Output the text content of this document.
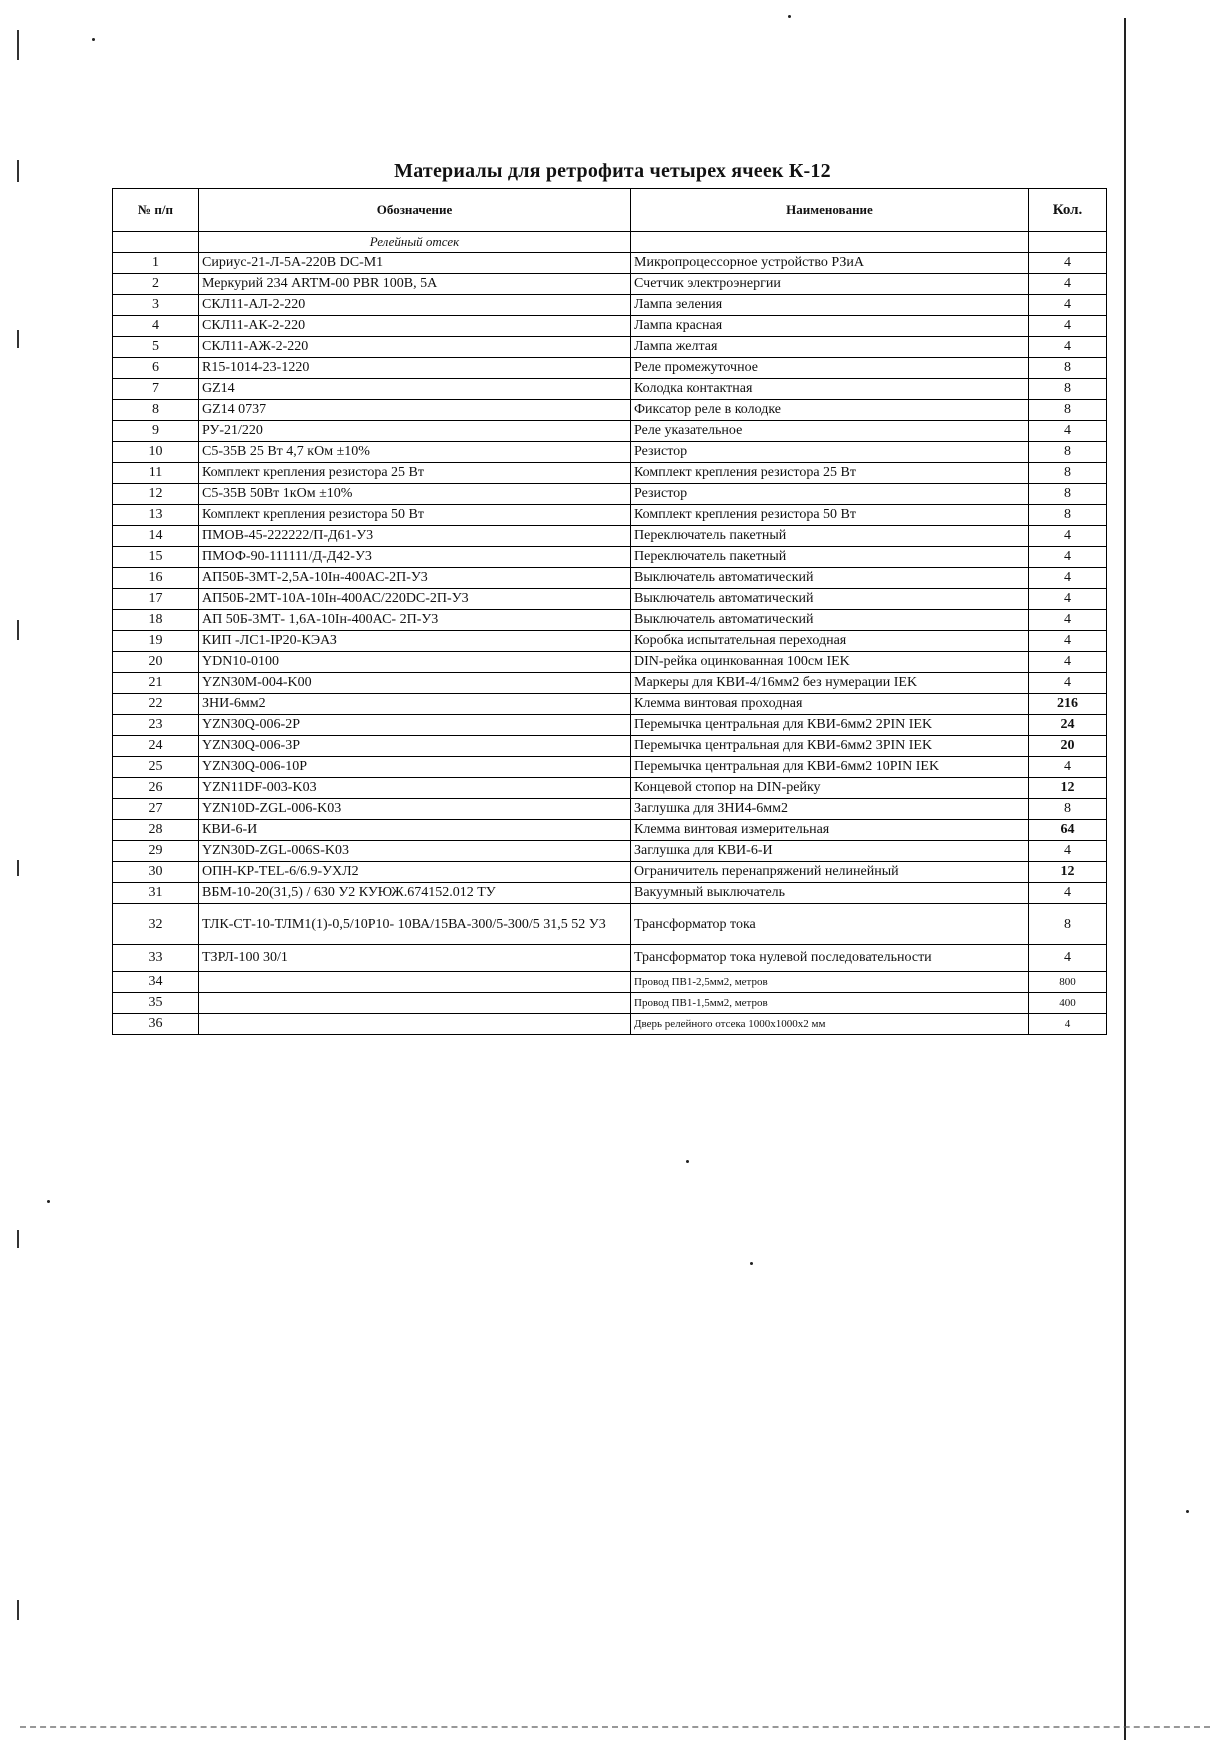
Материалы для ретрофита четырех ячеек К-12
№ п/п	Обозначение	Наименование	Кол.
	Релейный отсек		
1	Сириус-21-Л-5А-220В DC-M1	Микропроцессорное устройство РЗиА	4
2	Меркурий 234 ARTM-00 PBR 100В, 5А	Счетчик электроэнергии	4
3	СКЛ11-АЛ-2-220	Лампа зеления	4
4	СКЛ11-АК-2-220	Лампа красная	4
5	СКЛ11-АЖ-2-220	Лампа желтая	4
6	R15-1014-23-1220	Реле промежуточное	8
7	GZ14	Колодка контактная	8
8	GZ14 0737	Фиксатор реле в колодке	8
9	РУ-21/220	Реле указательное	4
10	С5-35В 25 Вт 4,7 кОм ±10%	Резистор	8
11	Комплект крепления резистора 25 Вт	Комплект крепления резистора 25 Вт	8
12	С5-35В 50Вт 1кОм ±10%	Резистор	8
13	Комплект крепления резистора 50 Вт	Комплект крепления резистора 50 Вт	8
14	ПМОВ-45-222222/П-Д61-У3	Переключатель пакетный	4
15	ПМОФ-90-111111/Д-Д42-У3	Переключатель пакетный	4
16	АП50Б-3МТ-2,5А-10Iн-400АС-2П-У3	Выключатель автоматический	4
17	АП50Б-2МТ-10А-10Iн-400АС/220DC-2П-У3	Выключатель автоматический	4
18	АП 50Б-3МТ- 1,6А-10Iн-400АС- 2П-У3	Выключатель автоматический	4
19	КИП -ЛС1-IP20-КЭАЗ	Коробка испытательная переходная	4
20	YDN10-0100	DIN-рейка оцинкованная 100см IEK	4
21	YZN30M-004-K00	Маркеры для КВИ-4/16мм2 без нумерации IEK	4
22	ЗНИ-6мм2	Клемма винтовая проходная	216
23	YZN30Q-006-2P	Перемычка центральная для КВИ-6мм2 2PIN IEK	24
24	YZN30Q-006-3P	Перемычка центральная для КВИ-6мм2 3PIN IEK	20
25	YZN30Q-006-10P	Перемычка центральная для КВИ-6мм2 10PIN IEK	4
26	YZN11DF-003-K03	Концевой стопор на DIN-рейку	12
27	YZN10D-ZGL-006-K03	Заглушка для ЗНИ4-6мм2	8
28	КВИ-6-И	Клемма винтовая измерительная	64
29	YZN30D-ZGL-006S-K03	Заглушка для КВИ-6-И	4
30	ОПН-КР-TEL-6/6.9-УХЛ2	Ограничитель перенапряжений нелинейный	12
31	ВБМ-10-20(31,5) / 630 У2 КУЮЖ.674152.012 ТУ	Вакуумный выключатель	4
32	ТЛК-СТ-10-ТЛМ1(1)-0,5/10Р10- 10ВА/15ВА-300/5-300/5 31,5 52 У3	Трансформатор тока	8
33	ТЗРЛ-100 30/1	Трансформатор тока нулевой последовательности	4
34		Провод ПВ1-2,5мм2, метров	800
35		Провод ПВ1-1,5мм2, метров	400
36		Дверь релейного отсека 1000х1000х2 мм	4
